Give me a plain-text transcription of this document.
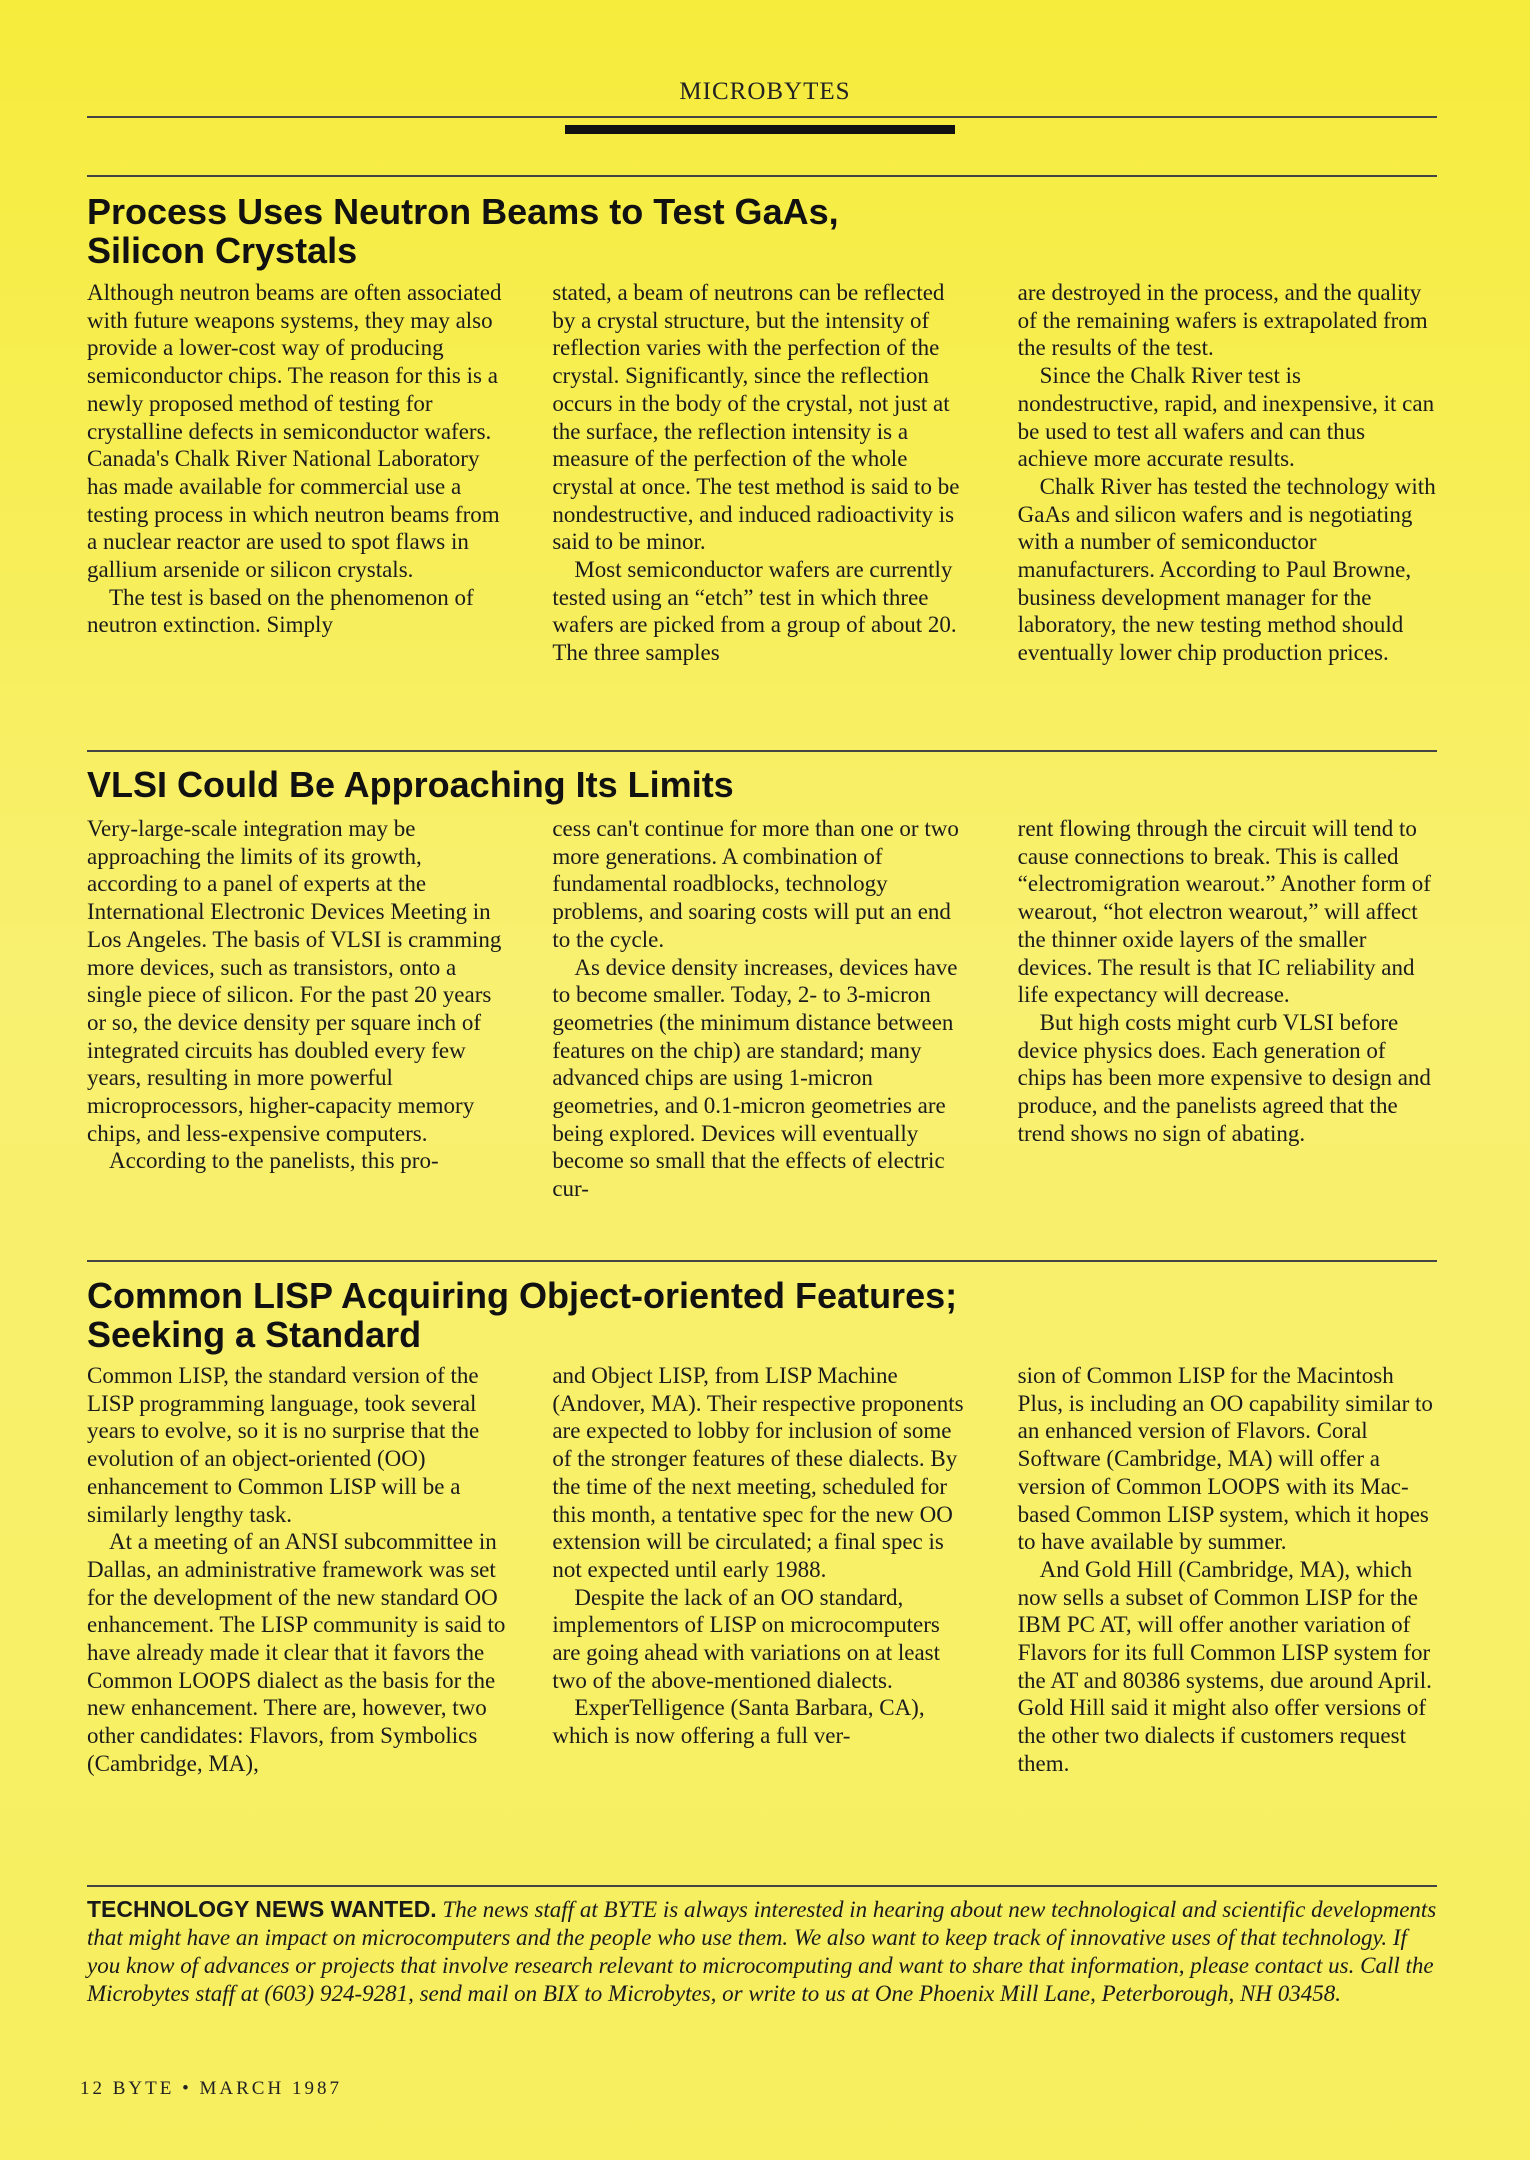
MICROBYTES
Process Uses Neutron Beams to Test GaAs,
Silicon Crystals

Although neutron beams are often associated with future weapons systems, they may also provide a lower-cost way of producing semiconductor chips. The reason for this is a newly proposed method of testing for crystalline defects in semiconductor wafers. Canada's Chalk River National Laboratory has made available for commercial use a testing process in which neutron beams from a nuclear reactor are used to spot flaws in gallium arsenide or silicon crystals.

The test is based on the phenomenon of neutron extinction. Simply

stated, a beam of neutrons can be reflected by a crystal structure, but the intensity of reflection varies with the perfection of the crystal. Significantly, since the reflection occurs in the body of the crystal, not just at the surface, the reflection intensity is a measure of the perfection of the whole crystal at once. The test method is said to be nondestructive, and induced radioactivity is said to be minor.

Most semiconductor wafers are currently tested using an “etch” test in which three wafers are picked from a group of about 20. The three samples

are destroyed in the process, and the quality of the remaining wafers is extrapolated from the results of the test.

Since the Chalk River test is nondestructive, rapid, and inexpensive, it can be used to test all wafers and can thus achieve more accurate results.

Chalk River has tested the technology with GaAs and silicon wafers and is negotiating with a number of semiconductor manufacturers. According to Paul Browne, business development manager for the laboratory, the new testing method should eventually lower chip production prices.

VLSI Could Be Approaching Its Limits

Very-large-scale integration may be approaching the limits of its growth, according to a panel of experts at the International Electronic Devices Meeting in Los Angeles. The basis of VLSI is cramming more devices, such as transistors, onto a single piece of silicon. For the past 20 years or so, the device density per square inch of integrated circuits has doubled every few years, resulting in more powerful microprocessors, higher-capacity memory chips, and less-expensive computers.

According to the panelists, this pro-

cess can't continue for more than one or two more generations. A combination of fundamental roadblocks, technology problems, and soaring costs will put an end to the cycle.

As device density increases, devices have to become smaller. Today, 2- to 3-micron geometries (the minimum distance between features on the chip) are standard; many advanced chips are using 1-micron geometries, and 0.1-micron geometries are being explored. Devices will eventually become so small that the effects of electric cur-

rent flowing through the circuit will tend to cause connections to break. This is called “electromigration wearout.” Another form of wearout, “hot electron wearout,” will affect the thinner oxide layers of the smaller devices. The result is that IC reliability and life expectancy will decrease.

But high costs might curb VLSI before device physics does. Each generation of chips has been more expensive to design and produce, and the panelists agreed that the trend shows no sign of abating.

Common LISP Acquiring Object-oriented Features;
Seeking a Standard

Common LISP, the standard version of the LISP programming language, took several years to evolve, so it is no surprise that the evolution of an object-oriented (OO) enhancement to Common LISP will be a similarly lengthy task.

At a meeting of an ANSI subcommittee in Dallas, an administrative framework was set for the development of the new standard OO enhancement. The LISP community is said to have already made it clear that it favors the Common LOOPS dialect as the basis for the new enhancement. There are, however, two other candidates: Flavors, from Symbolics (Cambridge, MA),

and Object LISP, from LISP Machine (Andover, MA). Their respective proponents are expected to lobby for inclusion of some of the stronger features of these dialects. By the time of the next meeting, scheduled for this month, a tentative spec for the new OO extension will be circulated; a final spec is not expected until early 1988.

Despite the lack of an OO standard, implementors of LISP on microcomputers are going ahead with variations on at least two of the above-mentioned dialects.

ExperTelligence (Santa Barbara, CA), which is now offering a full ver-

sion of Common LISP for the Macintosh Plus, is including an OO capability similar to an enhanced version of Flavors. Coral Software (Cambridge, MA) will offer a version of Common LOOPS with its Mac-based Common LISP system, which it hopes to have available by summer.

And Gold Hill (Cambridge, MA), which now sells a subset of Common LISP for the IBM PC AT, will offer another variation of Flavors for its full Common LISP system for the AT and 80386 systems, due around April. Gold Hill said it might also offer versions of the other two dialects if customers request them.

TECHNOLOGY NEWS WANTED. The news staff at BYTE is always interested in hearing about new technological and scientific developments that might have an impact on microcomputers and the people who use them. We also want to keep track of innovative uses of that technology. If you know of advances or projects that involve research relevant to microcomputing and want to share that information, please contact us. Call the Microbytes staff at (603) 924-9281, send mail on BIX to Microbytes, or write to us at One Phoenix Mill Lane, Peterborough, NH 03458.

12 BYTE • MARCH 1987
